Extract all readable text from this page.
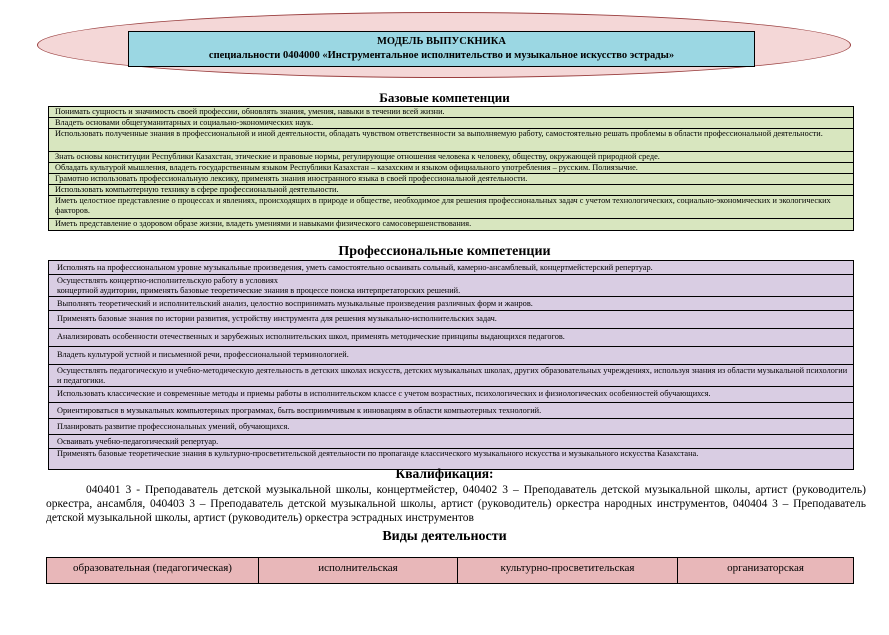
МОДЕЛЬ ВЫПУСКНИКА
специальности 0404000 «Инструментальное исполнительство и музыкальное искусство эстрады»
Базовые компетенции
Понимать сущность и значимость своей профессии, обновлять знания, умения, навыки в течении всей жизни.
Владеть основами общегуманитарных и социально-экономических наук.
Использовать полученные знания в профессиональной и иной деятельности, обладать чувством ответственности за выполняемую работу, самостоятельно решать проблемы в области профессиональной деятельности.
Знать основы конституции Республики Казахстан, этические и правовые нормы, регулирующие отношения человека к человеку, обществу, окружающей природной среде.
Обладать культурой мышления, владеть государственным языком Республики Казахстан – казахским и языком официального употребления – русским. Полиязычие.
Грамотно использовать профессиональную лексику, применять знания иностранного языка в своей профессиональной деятельности.
Использовать компьютерную технику в сфере профессиональной деятельности.
Иметь целостное представление о процессах и явлениях, происходящих в природе и обществе, необходимое для решения профессиональных задач с учетом технологических, социально-экономических и экологических факторов.
Иметь представление о здоровом образе жизни, владеть умениями и навыками физического самосовершенствования.
Профессиональные компетенции
Исполнять на профессиональном уровне музыкальные произведения, уметь самостоятельно осваивать сольный, камерно-ансамблевый, концертмейстерский репертуар.
Осуществлять концертно-исполнительскую работу в условиях
концертной аудитории, применять базовые теоретические знания в процессе поиска интерпретаторских решений.
Выполнять теоретический и исполнительский анализ, целостно воспринимать музыкальные произведения различных форм и жанров.
Применять базовые знания по истории развития, устройству инструмента для решения музыкально-исполнительских задач.
Анализировать особенности отечественных и зарубежных исполнительских школ, применять методические принципы выдающихся педагогов.
Владеть культурой устной и письменной речи, профессиональной терминологией.
Осуществлять педагогическую и учебно-методическую деятельность в детских школах искусств, детских музыкальных школах, других образовательных учреждениях, используя знания из области музыкальной психологии и педагогики.
Использовать классические и современные методы и приемы работы в исполнительском классе с учетом возрастных, психологических и физиологических особенностей обучающихся.
Ориентироваться в музыкальных компьютерных программах, быть восприимчивым к инновациям в области компьютерных технологий.
Планировать развитие профессиональных умений, обучающихся.
Осваивать учебно-педагогический репертуар.
Применять базовые теоретические знания в культурно-просветительской деятельности по пропаганде классического музыкального искусства и музыкального искусства Казахстана.
Квалификация:
040401 3 - Преподаватель детской музыкальной школы, концертмейстер, 040402 3 – Преподаватель детской музыкальной школы, артист (руководитель) оркестра, ансамбля, 040403 3 – Преподаватель детской музыкальной школы, артист (руководитель) оркестра народных инструментов, 040404 3 – Преподаватель детской музыкальной школы, артист (руководитель) оркестра эстрадных инструментов
Виды деятельности
образовательная (педагогическая)	исполнительская	культурно-просветительская	организаторская
